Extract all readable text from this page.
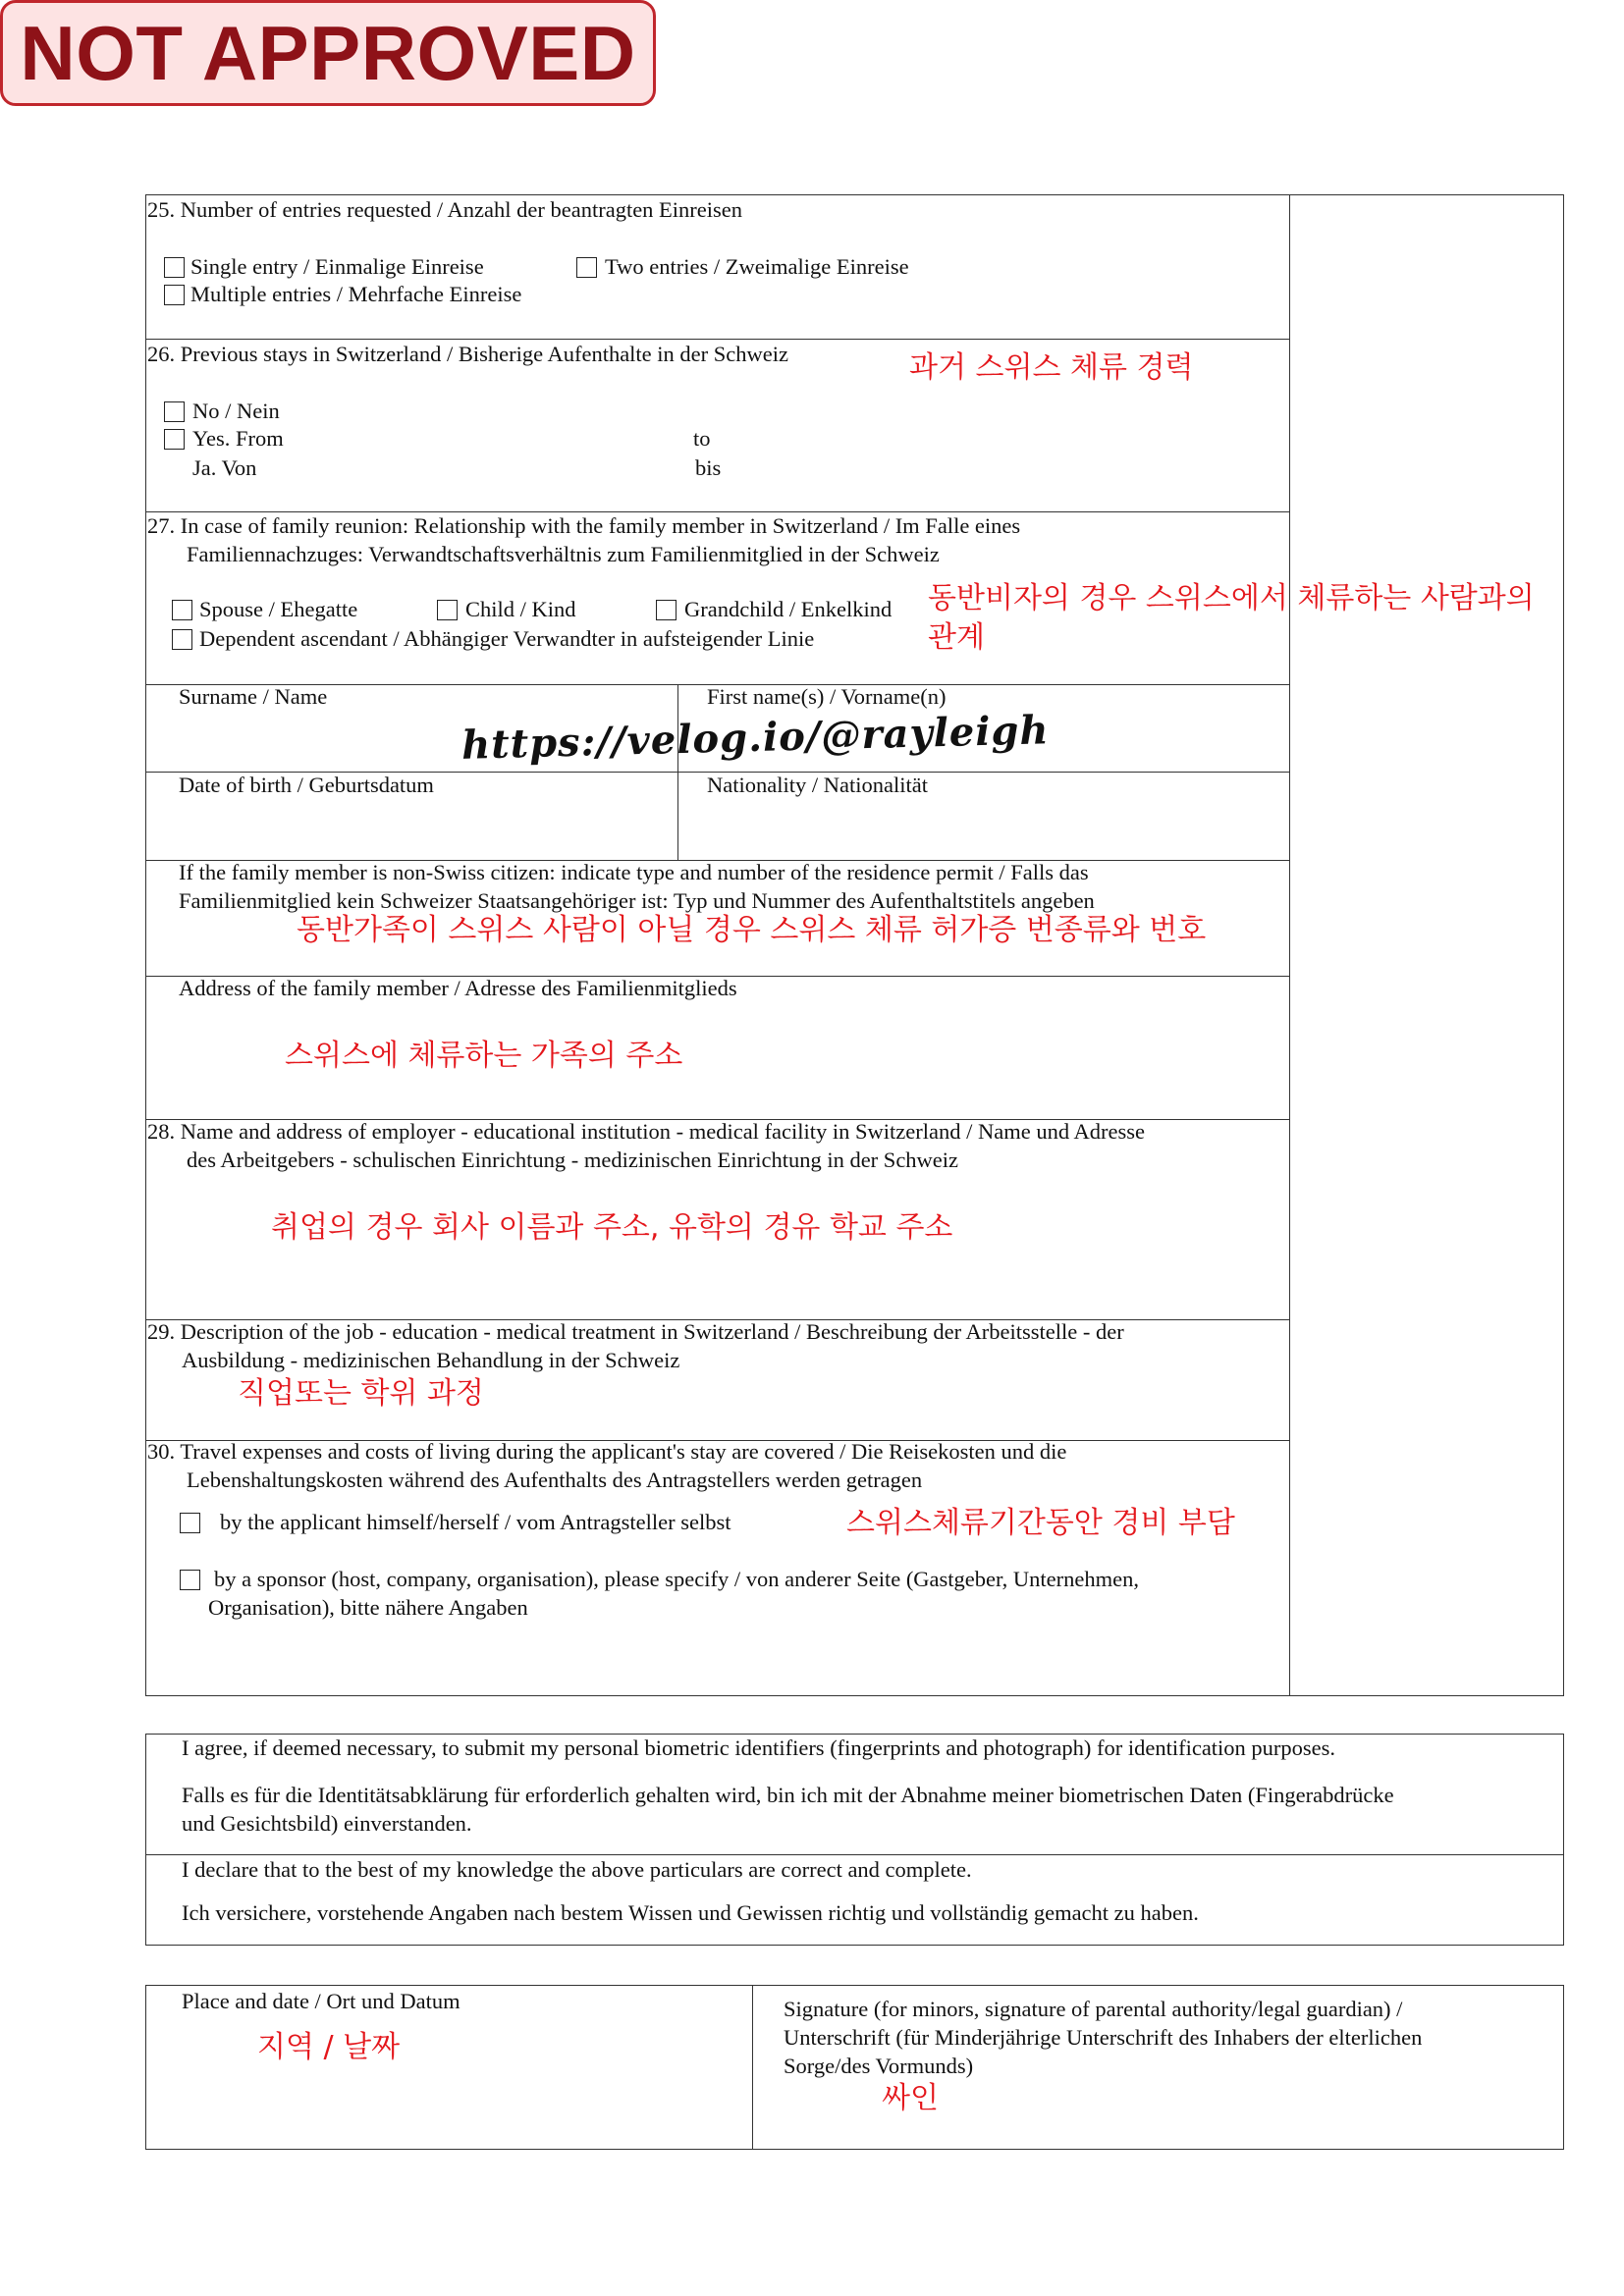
NOT APPROVED
25. Number of entries requested / Anzahl der beantragten Einreisen
Single entry / Einmalige Einreise	Two entries / Zweimalige Einreise
Multiple entries / Mehrfache Einreise
26. Previous stays in Switzerland / Bisherige Aufenthalte in der Schweiz	과거 스위스 체류 경력
No / Nein
Yes. From
Ja. Von
to
bis
27. In case of family reunion: Relationship with the family member in Switzerland / Im Falle eines
Familiennachzuges: Verwandtschaftsverhältnis zum Familienmitglied in der Schweiz
Spouse / Ehegatte	Child / Kind	Grandchild / Enkelkind
Dependent ascendant / Abhängiger Verwandter in aufsteigender Linie
동반비자의 경우 스위스에서 체류하는 사람과의
관계
Surname / Name	First name(s) / Vorname(n)
Date of birth / Geburtsdatum	Nationality / Nationalität
https://velog.io/@rayleigh
If the family member is non-Swiss citizen: indicate type and number of the residence permit / Falls das
Familienmitglied kein Schweizer Staatsangehöriger ist: Typ und Nummer des Aufenthaltstitels angeben
동반가족이 스위스 사람이 아닐 경우 스위스 체류 허가증 번종류와 번호
Address of the family member / Adresse des Familienmitglieds
스위스에 체류하는 가족의 주소
28. Name and address of employer - educational institution - medical facility in Switzerland / Name und Adresse
des Arbeitgebers - schulischen Einrichtung - medizinischen Einrichtung in der Schweiz
취업의 경우 회사 이름과 주소, 유학의 경유 학교 주소
29. Description of the job - education - medical treatment in Switzerland / Beschreibung der Arbeitsstelle - der
Ausbildung - medizinischen Behandlung in der Schweiz
직업또는 학위 과정
30. Travel expenses and costs of living during the applicant's stay are covered / Die Reisekosten und die
Lebenshaltungskosten während des Aufenthalts des Antragstellers werden getragen
by the applicant himself/herself / vom Antragsteller selbst	스위스체류기간동안 경비 부담
by a sponsor (host, company, organisation), please specify / von anderer Seite (Gastgeber, Unternehmen,
Organisation), bitte nähere Angaben
I agree, if deemed necessary, to submit my personal biometric identifiers (fingerprints and photograph) for identification purposes.
Falls es für die Identitätsabklärung für erforderlich gehalten wird, bin ich mit der Abnahme meiner biometrischen Daten (Fingerabdrücke
und Gesichtsbild) einverstanden.
I declare that to the best of my knowledge the above particulars are correct and complete.
Ich versichere, vorstehende Angaben nach bestem Wissen und Gewissen richtig und vollständig gemacht zu haben.
Place and date / Ort und Datum
지역 / 날짜
Signature (for minors, signature of parental authority/legal guardian) /
Unterschrift (für Minderjährige Unterschrift des Inhabers der elterlichen
Sorge/des Vormunds)
싸인
